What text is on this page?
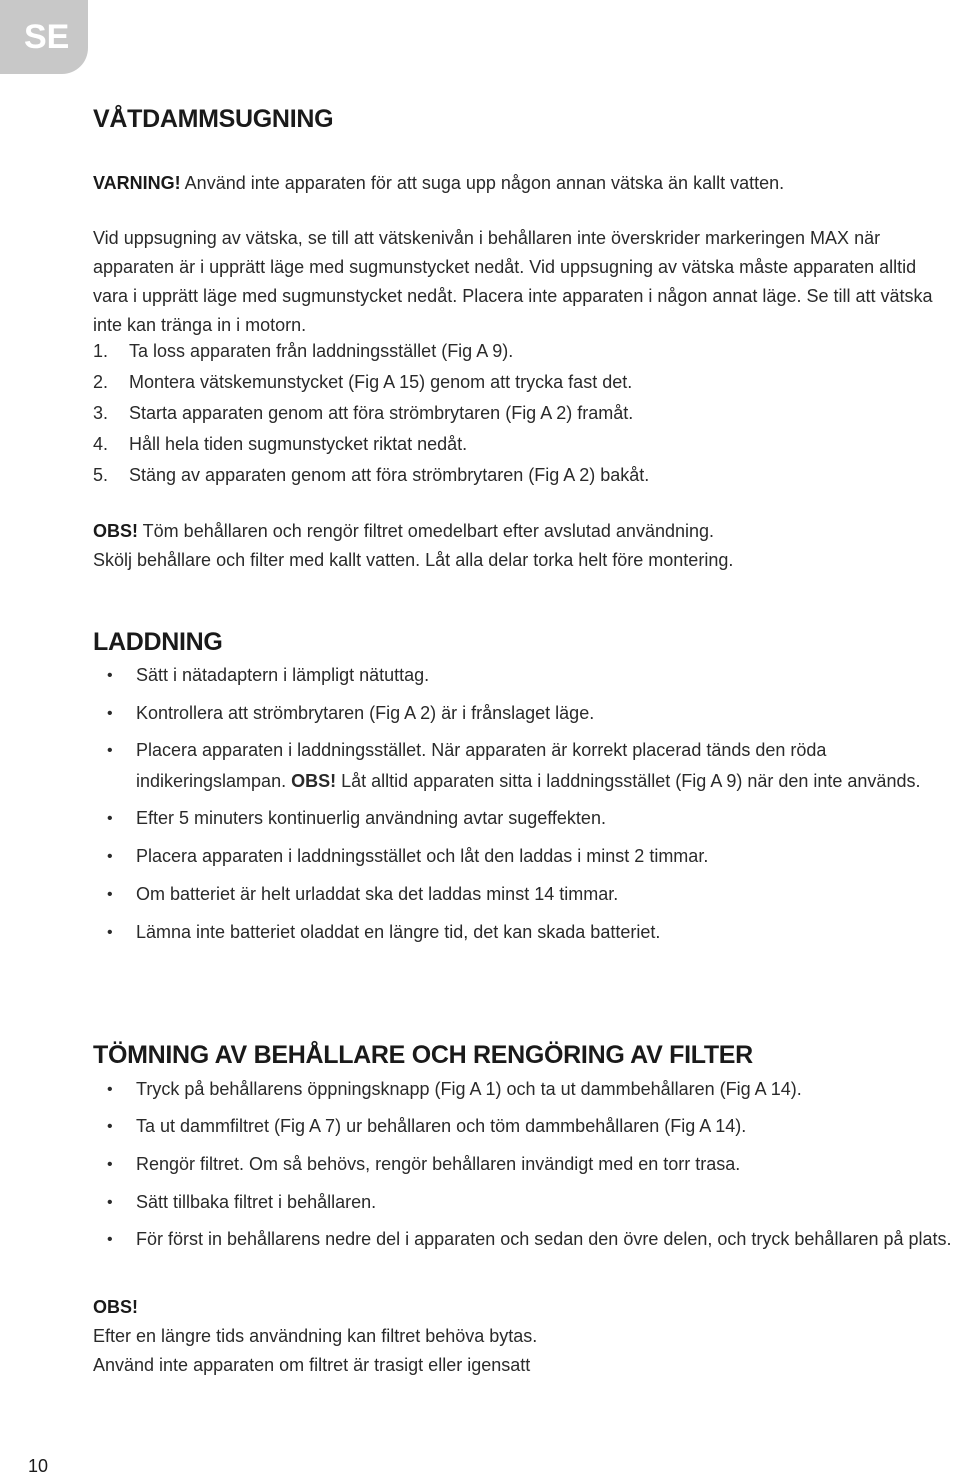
SE
VÅTDAMMSUGNING
VARNING! Använd inte apparaten för att suga upp någon annan vätska än kallt vatten.
Vid uppsugning av vätska, se till att vätskenivån i behållaren inte överskrider markeringen MAX när apparaten är i upprätt läge med sugmunstycket nedåt. Vid uppsugning av vätska måste apparaten alltid vara i upprätt läge med sugmunstycket nedåt. Placera inte apparaten i någon annat läge. Se till att vätska inte kan tränga in i motorn.
1.	Ta loss apparaten från laddningsstället (Fig A 9).
2.	Montera vätskemunstycket (Fig A 15) genom att trycka fast det.
3.	Starta apparaten genom att föra strömbrytaren (Fig A 2) framåt.
4.	Håll hela tiden sugmunstycket riktat nedåt.
5.	Stäng av apparaten genom att föra strömbrytaren (Fig A 2) bakåt.
OBS! Töm behållaren och rengör filtret omedelbart efter avslutad användning.
Skölj behållare och filter med kallt vatten. Låt alla delar torka helt före montering.
LADDNING
•	Sätt i nätadaptern i lämpligt nätuttag.
•	Kontrollera att strömbrytaren (Fig A 2) är i frånslaget läge.
•	Placera apparaten i laddningsstället. När apparaten är korrekt placerad tänds den röda indikeringslampan. OBS! Låt alltid apparaten sitta i laddningsstället (Fig A 9) när den inte används.
•	Efter 5 minuters kontinuerlig användning avtar sugeffekten.
•	Placera apparaten i laddningsstället och låt den laddas i minst 2 timmar.
•	Om batteriet är helt urladdat ska det laddas minst 14 timmar.
•	Lämna inte batteriet oladdat en längre tid, det kan skada batteriet.
TÖMNING AV BEHÅLLARE OCH RENGÖRING AV FILTER
•	Tryck på behållarens öppningsknapp (Fig A 1) och ta ut dammbehållaren (Fig A 14).
•	Ta ut dammfiltret (Fig A 7) ur behållaren och töm dammbehållaren (Fig A 14).
•	Rengör filtret. Om så behövs, rengör behållaren invändigt med en torr trasa.
•	Sätt tillbaka filtret i behållaren.
•	För först in behållarens nedre del i apparaten och sedan den övre delen, och tryck behållaren på plats.
OBS!
Efter en längre tids användning kan filtret behöva bytas.
Använd inte apparaten om filtret är trasigt eller igensatt
10
